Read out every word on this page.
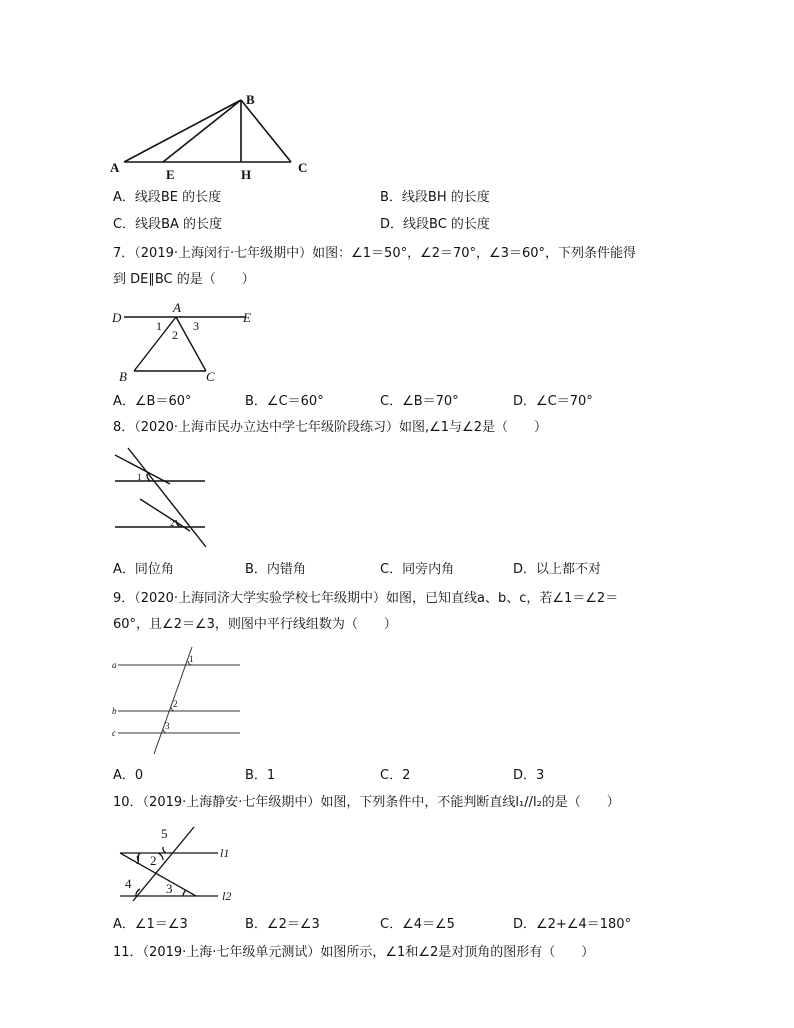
A
B
C
E	H
A．线段BE 的长度	B．线段BH 的长度
C．线段BA 的长度	D．线段BC 的长度
7．（2019·上海闵行·七年级期中）如图：∠1＝50°，∠2＝70°，∠3＝60°，下列条件能得
到 DE∥BC 的是（　　）
D
A
E
B	C
1
2
3
A．∠B＝60°	B．∠C＝60°	C．∠B＝70°	D．∠C＝70°
8．（2020·上海市民办立达中学七年级阶段练习）如图,∠1与∠2是（　　）
1
2
A．同位角	B．内错角	C．同旁内角	D．以上都不对
9．（2020·上海同济大学实验学校七年级期中）如图，已知直线a、b、c，若∠1＝∠2＝
60°，且∠2＝∠3，则图中平行线组数为（　　）
a
b
c
1
2
3
A．0	B．1	C．2	D．3
10．（2019·上海静安·七年级期中）如图，下列条件中，不能判断直线l₁//l₂的是（　　）
5
1 2	l1
4	3	l2
A．∠1＝∠3	B．∠2＝∠3	C．∠4＝∠5	D．∠2+∠4＝180°
11．（2019·上海·七年级单元测试）如图所示，∠1和∠2是对顶角的图形有（　　）
